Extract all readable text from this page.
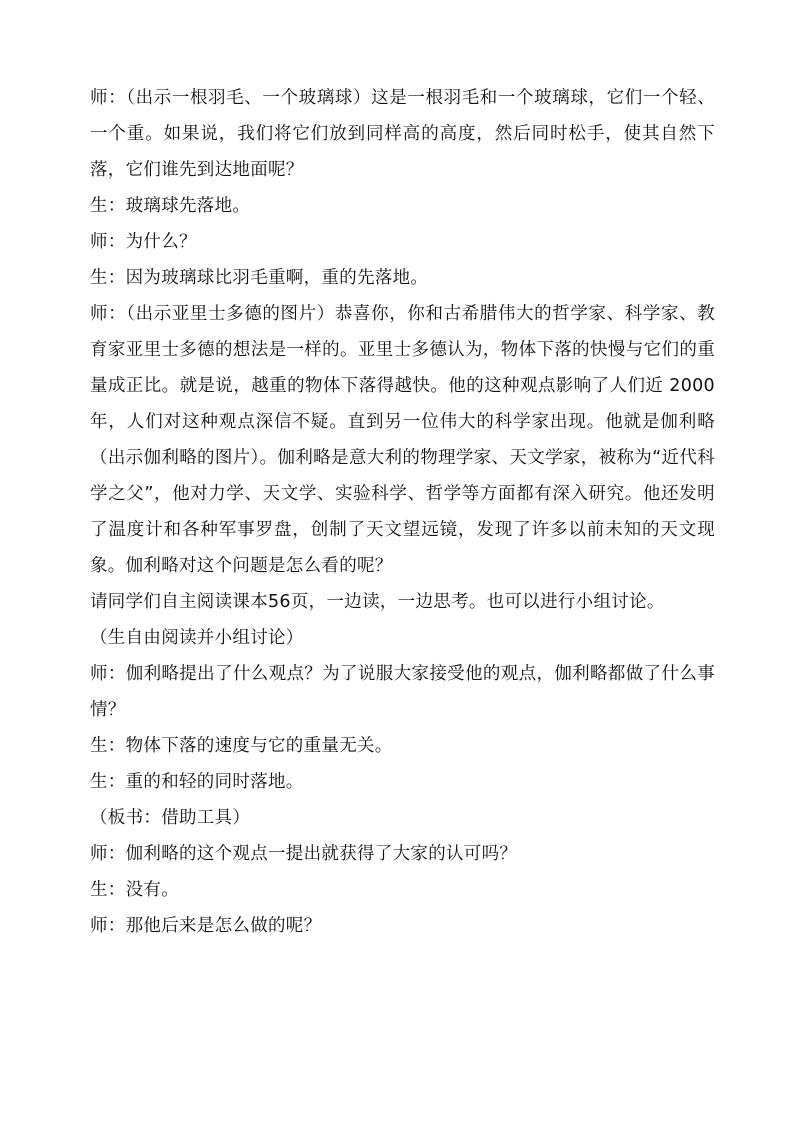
师：（出示一根羽毛、一个玻璃球）这是一根羽毛和一个玻璃球，它们一个轻、一个重。如果说，我们将它们放到同样高的高度，然后同时松手，使其自然下落，它们谁先到达地面呢？

生：玻璃球先落地。

师：为什么？

生：因为玻璃球比羽毛重啊，重的先落地。

师：（出示亚里士多德的图片）恭喜你，你和古希腊伟大的哲学家、科学家、教育家亚里士多德的想法是一样的。亚里士多德认为，物体下落的快慢与它们的重量成正比。就是说，越重的物体下落得越快。他的这种观点影响了人们近 2000年，人们对这种观点深信不疑。直到另一位伟大的科学家出现。他就是伽利略（出示伽利略的图片）。伽利略是意大利的物理学家、天文学家，被称为“近代科学之父”，他对力学、天文学、实验科学、哲学等方面都有深入研究。他还发明了温度计和各种军事罗盘，创制了天文望远镜，发现了许多以前未知的天文现象。伽利略对这个问题是怎么看的呢？

请同学们自主阅读课本56页，一边读，一边思考。也可以进行小组讨论。

（生自由阅读并小组讨论）

师：伽利略提出了什么观点？为了说服大家接受他的观点，伽利略都做了什么事情？

生：物体下落的速度与它的重量无关。

生：重的和轻的同时落地。

（板书：借助工具）

师：伽利略的这个观点一提出就获得了大家的认可吗？

生：没有。

师：那他后来是怎么做的呢？
